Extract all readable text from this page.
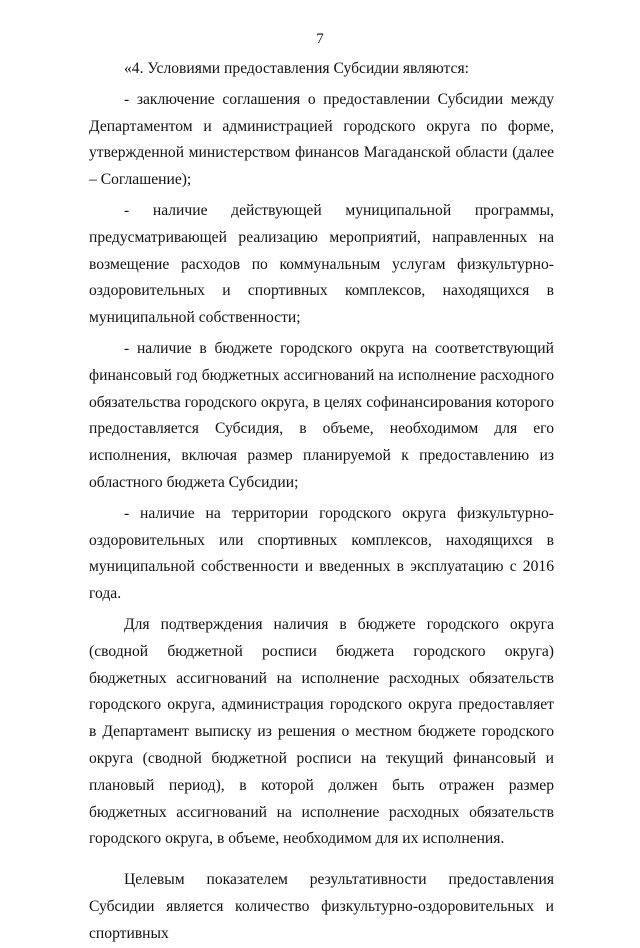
7

«4. Условиями предоставления Субсидии являются:

- заключение соглашения о предоставлении Субсидии между Департаментом и администрацией городского округа по форме, утвержденной министерством финансов Магаданской области (далее – Соглашение);

- наличие действующей муниципальной программы, предусматривающей реализацию мероприятий, направленных на возмещение расходов по коммунальным услугам физкультурно-оздоровительных и спортивных комплексов, находящихся в муниципальной собственности;

- наличие в бюджете городского округа на соответствующий финансовый год бюджетных ассигнований на исполнение расходного обязательства городского округа, в целях софинансирования которого предоставляется Субсидия, в объеме, необходимом для его исполнения, включая размер планируемой к предоставлению из областного бюджета Субсидии;

- наличие на территории городского округа физкультурно-оздоровительных или спортивных комплексов, находящихся в муниципальной собственности и введенных в эксплуатацию с 2016 года.

Для подтверждения наличия в бюджете городского округа (сводной бюджетной росписи бюджета городского округа) бюджетных ассигнований на исполнение расходных обязательств городского округа, администрация городского округа предоставляет в Департамент выписку из решения о местном бюджете городского округа (сводной бюджетной росписи на текущий финансовый и плановый период), в которой должен быть отражен размер бюджетных ассигнований на исполнение расходных обязательств городского округа, в объеме, необходимом для их исполнения.

Целевым показателем результативности предоставления Субсидии является количество физкультурно-оздоровительных и спортивных
